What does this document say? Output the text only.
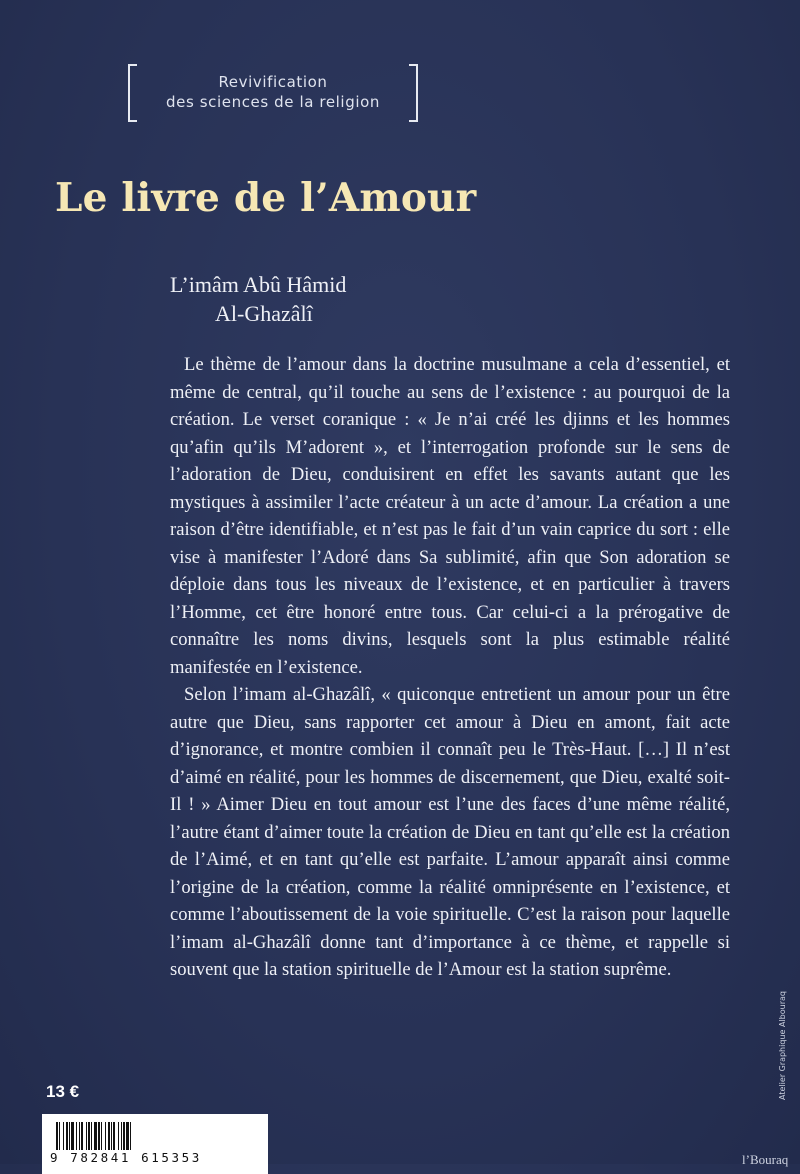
Revivification
des sciences de la religion
Le livre de l’Amour
L’imâm Abû Hâmid
Al-Ghazâlî

Le thème de l’amour dans la doctrine musulmane a cela d’essentiel, et même de central, qu’il touche au sens de l’existence : au pourquoi de la création. Le verset coranique : « Je n’ai créé les djinns et les hommes qu’afin qu’ils M’adorent », et l’interrogation profonde sur le sens de l’adoration de Dieu, conduisirent en effet les savants autant que les mystiques à assimiler l’acte créateur à un acte d’amour. La création a une raison d’être identifiable, et n’est pas le fait d’un vain caprice du sort : elle vise à manifester l’Adoré dans Sa sublimité, afin que Son adoration se déploie dans tous les niveaux de l’existence, et en particulier à travers l’Homme, cet être honoré entre tous. Car celui-ci a la prérogative de connaître les noms divins, lesquels sont la plus estimable réalité manifestée en l’existence.

Selon l’imam al-Ghazâlî, « quiconque entretient un amour pour un être autre que Dieu, sans rapporter cet amour à Dieu en amont, fait acte d’ignorance, et montre combien il connaît peu le Très-Haut. […] Il n’est d’aimé en réalité, pour les hommes de discernement, que Dieu, exalté soit-Il ! » Aimer Dieu en tout amour est l’une des faces d’une même réalité, l’autre étant d’aimer toute la création de Dieu en tant qu’elle est la création de l’Aimé, et en tant qu’elle est parfaite. L’amour apparaît ainsi comme l’origine de la création, comme la réalité omniprésente en l’existence, et comme l’aboutissement de la voie spirituelle. C’est la raison pour laquelle l’imam al-Ghazâlî donne tant d’importance à ce thème, et rappelle si souvent que la station spirituelle de l’Amour est la station suprême.

13 €
9 782841 615353
Atelier Graphique Albouraq
l’Bouraq
